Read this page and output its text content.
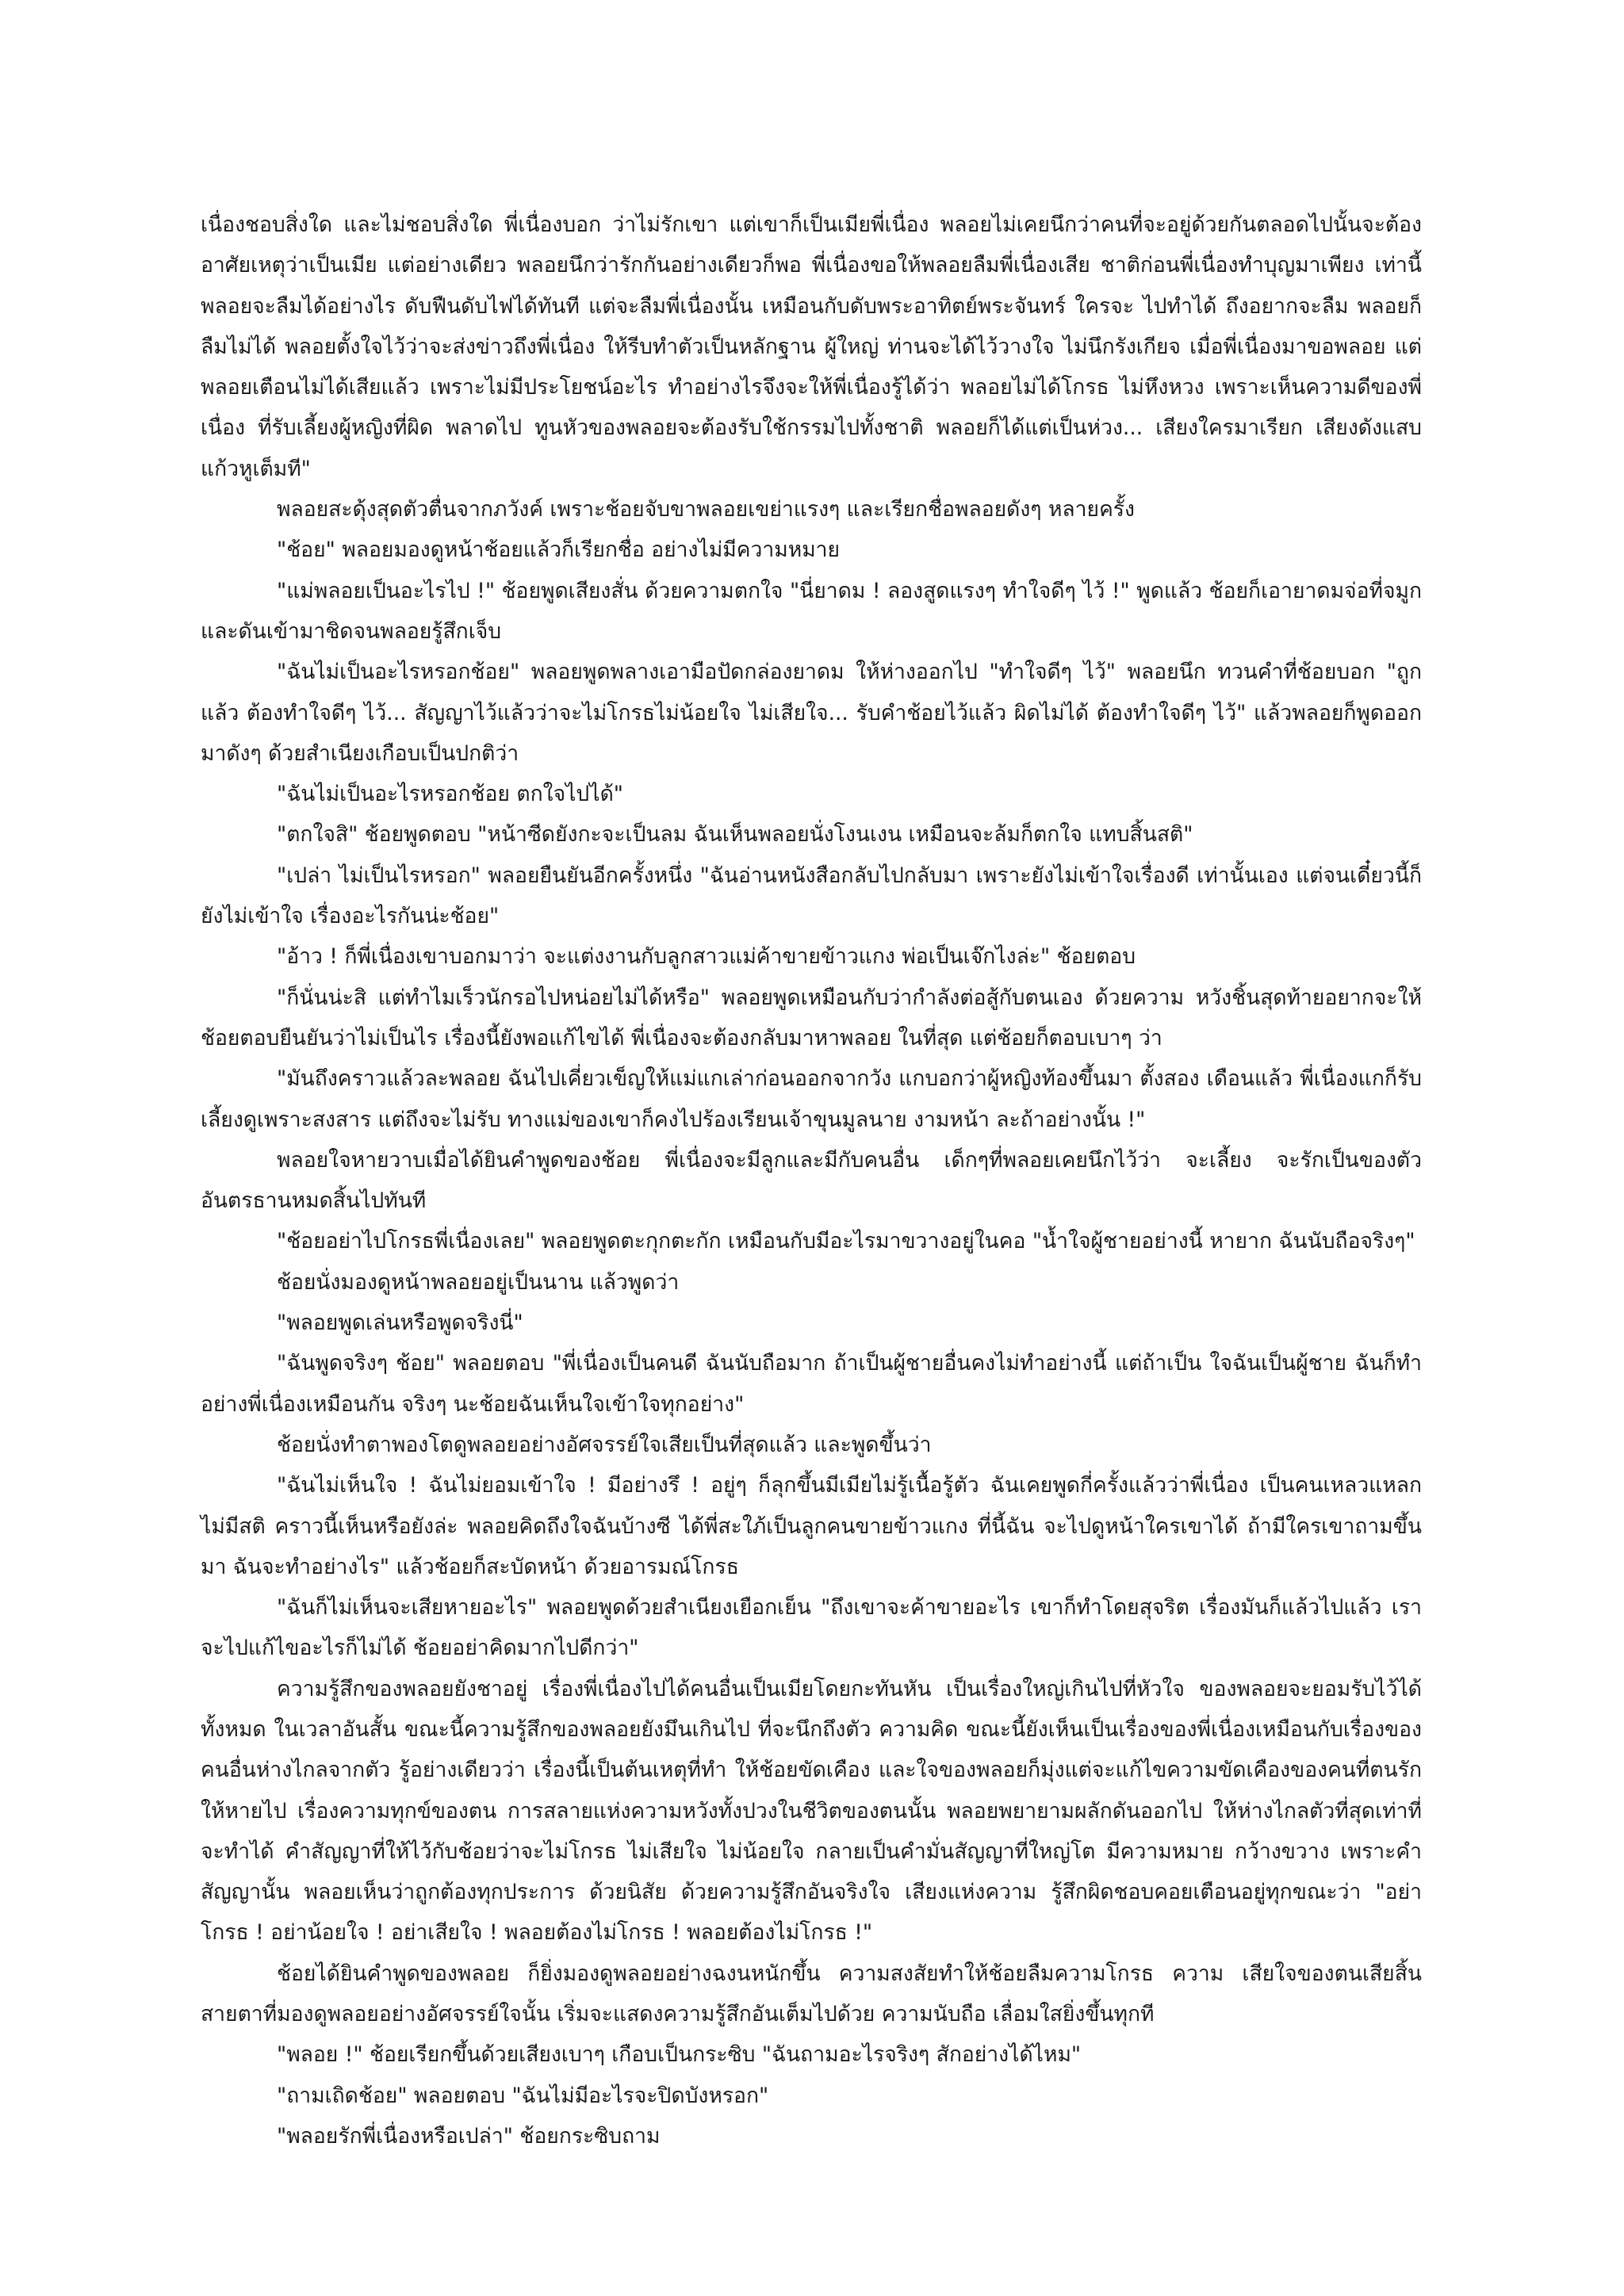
เนื่องชอบสิ่งใด และไม่ชอบสิ่งใด พี่เนื่องบอก ว่าไม่รักเขา แต่เขาก็เป็นเมียพี่เนื่อง พลอยไม่เคยนึกว่าคนที่จะอยู่ด้วยกันตลอดไปนั้นจะต้องอาศัยเหตุว่าเป็นเมีย แต่อย่างเดียว พลอยนึกว่ารักกันอย่างเดียวก็พอ พี่เนื่องขอให้พลอยลืมพี่เนื่องเสีย ชาติก่อนพี่เนื่องทำบุญมาเพียง เท่านี้ พลอยจะลืมได้อย่างไร ดับฟืนดับไฟได้ทันที แต่จะลืมพี่เนื่องนั้น เหมือนกับดับพระอาทิตย์พระจันทร์ ใครจะ ไปทำได้ ถึงอยากจะลืม พลอยก็ลืมไม่ได้ พลอยตั้งใจไว้ว่าจะส่งข่าวถึงพี่เนื่อง ให้รีบทำตัวเป็นหลักฐาน ผู้ใหญ่ ท่านจะได้ไว้วางใจ ไม่นึกรังเกียจ เมื่อพี่เนื่องมาขอพลอย แต่พลอยเตือนไม่ได้เสียแล้ว เพราะไม่มีประโยชน์อะไร ทำอย่างไรจึงจะให้พี่เนื่องรู้ได้ว่า พลอยไม่ได้โกรธ ไม่หึงหวง เพราะเห็นความดีของพี่เนื่อง ที่รับเลี้ยงผู้หญิงที่ผิด พลาดไป ทูนหัวของพลอยจะต้องรับใช้กรรมไปทั้งชาติ พลอยก็ได้แต่เป็นห่วง... เสียงใครมาเรียก เสียงดังแสบ แก้วหูเต็มที"

พลอยสะดุ้งสุดตัวตื่นจากภวังค์ เพราะช้อยจับขาพลอยเขย่าแรงๆ และเรียกชื่อพลอยดังๆ หลายครั้ง

"ช้อย" พลอยมองดูหน้าช้อยแล้วก็เรียกชื่อ อย่างไม่มีความหมาย

"แม่พลอยเป็นอะไรไป !" ช้อยพูดเสียงสั่น ด้วยความตกใจ "นี่ยาดม ! ลองสูดแรงๆ ทำใจดีๆ ไว้ !" พูดแล้ว ช้อยก็เอายาดมจ่อที่จมูก และดันเข้ามาชิดจนพลอยรู้สึกเจ็บ

"ฉันไม่เป็นอะไรหรอกช้อย" พลอยพูดพลางเอามือปัดกล่องยาดม ให้ห่างออกไป "ทำใจดีๆ ไว้" พลอยนึก ทวนคำที่ช้อยบอก "ถูกแล้ว ต้องทำใจดีๆ ไว้... สัญญาไว้แล้วว่าจะไม่โกรธไม่น้อยใจ ไม่เสียใจ... รับคำช้อยไว้แล้ว ผิดไม่ได้ ต้องทำใจดีๆ ไว้" แล้วพลอยก็พูดออกมาดังๆ ด้วยสำเนียงเกือบเป็นปกติว่า

"ฉันไม่เป็นอะไรหรอกช้อย ตกใจไปได้"

"ตกใจสิ" ช้อยพูดตอบ "หน้าซีดยังกะจะเป็นลม ฉันเห็นพลอยนั่งโงนเงน เหมือนจะล้มก็ตกใจ แทบสิ้นสติ"

"เปล่า ไม่เป็นไรหรอก" พลอยยืนยันอีกครั้งหนึ่ง "ฉันอ่านหนังสือกลับไปกลับมา เพราะยังไม่เข้าใจเรื่องดี เท่านั้นเอง แต่จนเดี๋ยวนี้ก็ยังไม่เข้าใจ เรื่องอะไรกันน่ะช้อย"

"อ้าว ! ก็พี่เนื่องเขาบอกมาว่า จะแต่งงานกับลูกสาวแม่ค้าขายข้าวแกง พ่อเป็นเจ๊กไงล่ะ" ช้อยตอบ

"ก็นั่นน่ะสิ แต่ทำไมเร็วนักรอไปหน่อยไม่ได้หรือ" พลอยพูดเหมือนกับว่ากำลังต่อสู้กับตนเอง ด้วยความ หวังชิ้นสุดท้ายอยากจะให้ช้อยตอบยืนยันว่าไม่เป็นไร เรื่องนี้ยังพอแก้ไขได้ พี่เนื่องจะต้องกลับมาหาพลอย ในที่สุด แต่ช้อยก็ตอบเบาๆ ว่า

"มันถึงคราวแล้วละพลอย ฉันไปเคี่ยวเข็ญให้แม่แกเล่าก่อนออกจากวัง แกบอกว่าผู้หญิงท้องขึ้นมา ตั้งสอง เดือนแล้ว พี่เนื่องแกก็รับเลี้ยงดูเพราะสงสาร แต่ถึงจะไม่รับ ทางแม่ของเขาก็คงไปร้องเรียนเจ้าขุนมูลนาย งามหน้า ละถ้าอย่างนั้น !"

พลอยใจหายวาบเมื่อได้ยินคำพูดของช้อย พี่เนื่องจะมีลูกและมีกับคนอื่น เด็กๆที่พลอยเคยนึกไว้ว่า จะเลี้ยง จะรักเป็นของตัวอันตรธานหมดสิ้นไปทันที

"ช้อยอย่าไปโกรธพี่เนื่องเลย" พลอยพูดตะกุกตะกัก เหมือนกับมีอะไรมาขวางอยู่ในคอ "น้ำใจผู้ชายอย่างนี้ หายาก ฉันนับถือจริงๆ"

ช้อยนั่งมองดูหน้าพลอยอยู่เป็นนาน แล้วพูดว่า

"พลอยพูดเล่นหรือพูดจริงนี่"

"ฉันพูดจริงๆ ช้อย" พลอยตอบ "พี่เนื่องเป็นคนดี ฉันนับถือมาก ถ้าเป็นผู้ชายอื่นคงไม่ทำอย่างนี้ แต่ถ้าเป็น ใจฉันเป็นผู้ชาย ฉันก็ทำอย่างพี่เนื่องเหมือนกัน จริงๆ นะช้อยฉันเห็นใจเข้าใจทุกอย่าง"

ช้อยนั่งทำตาพองโตดูพลอยอย่างอัศจรรย์ใจเสียเป็นที่สุดแล้ว และพูดขึ้นว่า

"ฉันไม่เห็นใจ ! ฉันไม่ยอมเข้าใจ ! มีอย่างรึ ! อยู่ๆ ก็ลุกขึ้นมีเมียไม่รู้เนื้อรู้ตัว ฉันเคยพูดกี่ครั้งแล้วว่าพี่เนื่อง เป็นคนเหลวแหลก ไม่มีสติ คราวนี้เห็นหรือยังล่ะ พลอยคิดถึงใจฉันบ้างซี ได้พี่สะใภ้เป็นลูกคนขายข้าวแกง ที่นี้ฉัน จะไปดูหน้าใครเขาได้ ถ้ามีใครเขาถามขึ้นมา ฉันจะทำอย่างไร" แล้วช้อยก็สะบัดหน้า ด้วยอารมณ์โกรธ

"ฉันก็ไม่เห็นจะเสียหายอะไร" พลอยพูดด้วยสำเนียงเยือกเย็น "ถึงเขาจะค้าขายอะไร เขาก็ทำโดยสุจริต เรื่องมันก็แล้วไปแล้ว เราจะไปแก้ไขอะไรก็ไม่ได้ ช้อยอย่าคิดมากไปดีกว่า"

ความรู้สึกของพลอยยังชาอยู่ เรื่องพี่เนื่องไปได้คนอื่นเป็นเมียโดยกะทันหัน เป็นเรื่องใหญ่เกินไปที่หัวใจ ของพลอยจะยอมรับไว้ได้ทั้งหมด ในเวลาอันสั้น ขณะนี้ความรู้สึกของพลอยยังมึนเกินไป ที่จะนึกถึงตัว ความคิด ขณะนี้ยังเห็นเป็นเรื่องของพี่เนื่องเหมือนกับเรื่องของคนอื่นห่างไกลจากตัว รู้อย่างเดียวว่า เรื่องนี้เป็นต้นเหตุที่ทำ ให้ช้อยขัดเคือง และใจของพลอยก็มุ่งแต่จะแก้ไขความขัดเคืองของคนที่ตนรักให้หายไป เรื่องความทุกข์ของตน การสลายแห่งความหวังทั้งปวงในชีวิตของตนนั้น พลอยพยายามผลักดันออกไป ให้ห่างไกลตัวที่สุดเท่าที่จะทำได้ คำสัญญาที่ให้ไว้กับช้อยว่าจะไม่โกรธ ไม่เสียใจ ไม่น้อยใจ กลายเป็นคำมั่นสัญญาที่ใหญ่โต มีความหมาย กว้างขวาง เพราะคำสัญญานั้น พลอยเห็นว่าถูกต้องทุกประการ ด้วยนิสัย ด้วยความรู้สึกอันจริงใจ เสียงแห่งความ รู้สึกผิดชอบคอยเตือนอยู่ทุกขณะว่า "อย่าโกรธ ! อย่าน้อยใจ ! อย่าเสียใจ ! พลอยต้องไม่โกรธ ! พลอยต้องไม่โกรธ !"

ช้อยได้ยินคำพูดของพลอย ก็ยิ่งมองดูพลอยอย่างฉงนหนักขึ้น ความสงสัยทำให้ช้อยลืมความโกรธ ความ เสียใจของตนเสียสิ้น สายตาที่มองดูพลอยอย่างอัศจรรย์ใจนั้น เริ่มจะแสดงความรู้สึกอันเต็มไปด้วย ความนับถือ เลื่อมใสยิ่งขึ้นทุกที

"พลอย !" ช้อยเรียกขึ้นด้วยเสียงเบาๆ เกือบเป็นกระซิบ "ฉันถามอะไรจริงๆ สักอย่างได้ไหม"

"ถามเถิดช้อย" พลอยตอบ "ฉันไม่มีอะไรจะปิดบังหรอก"

"พลอยรักพี่เนื่องหรือเปล่า" ช้อยกระซิบถาม
